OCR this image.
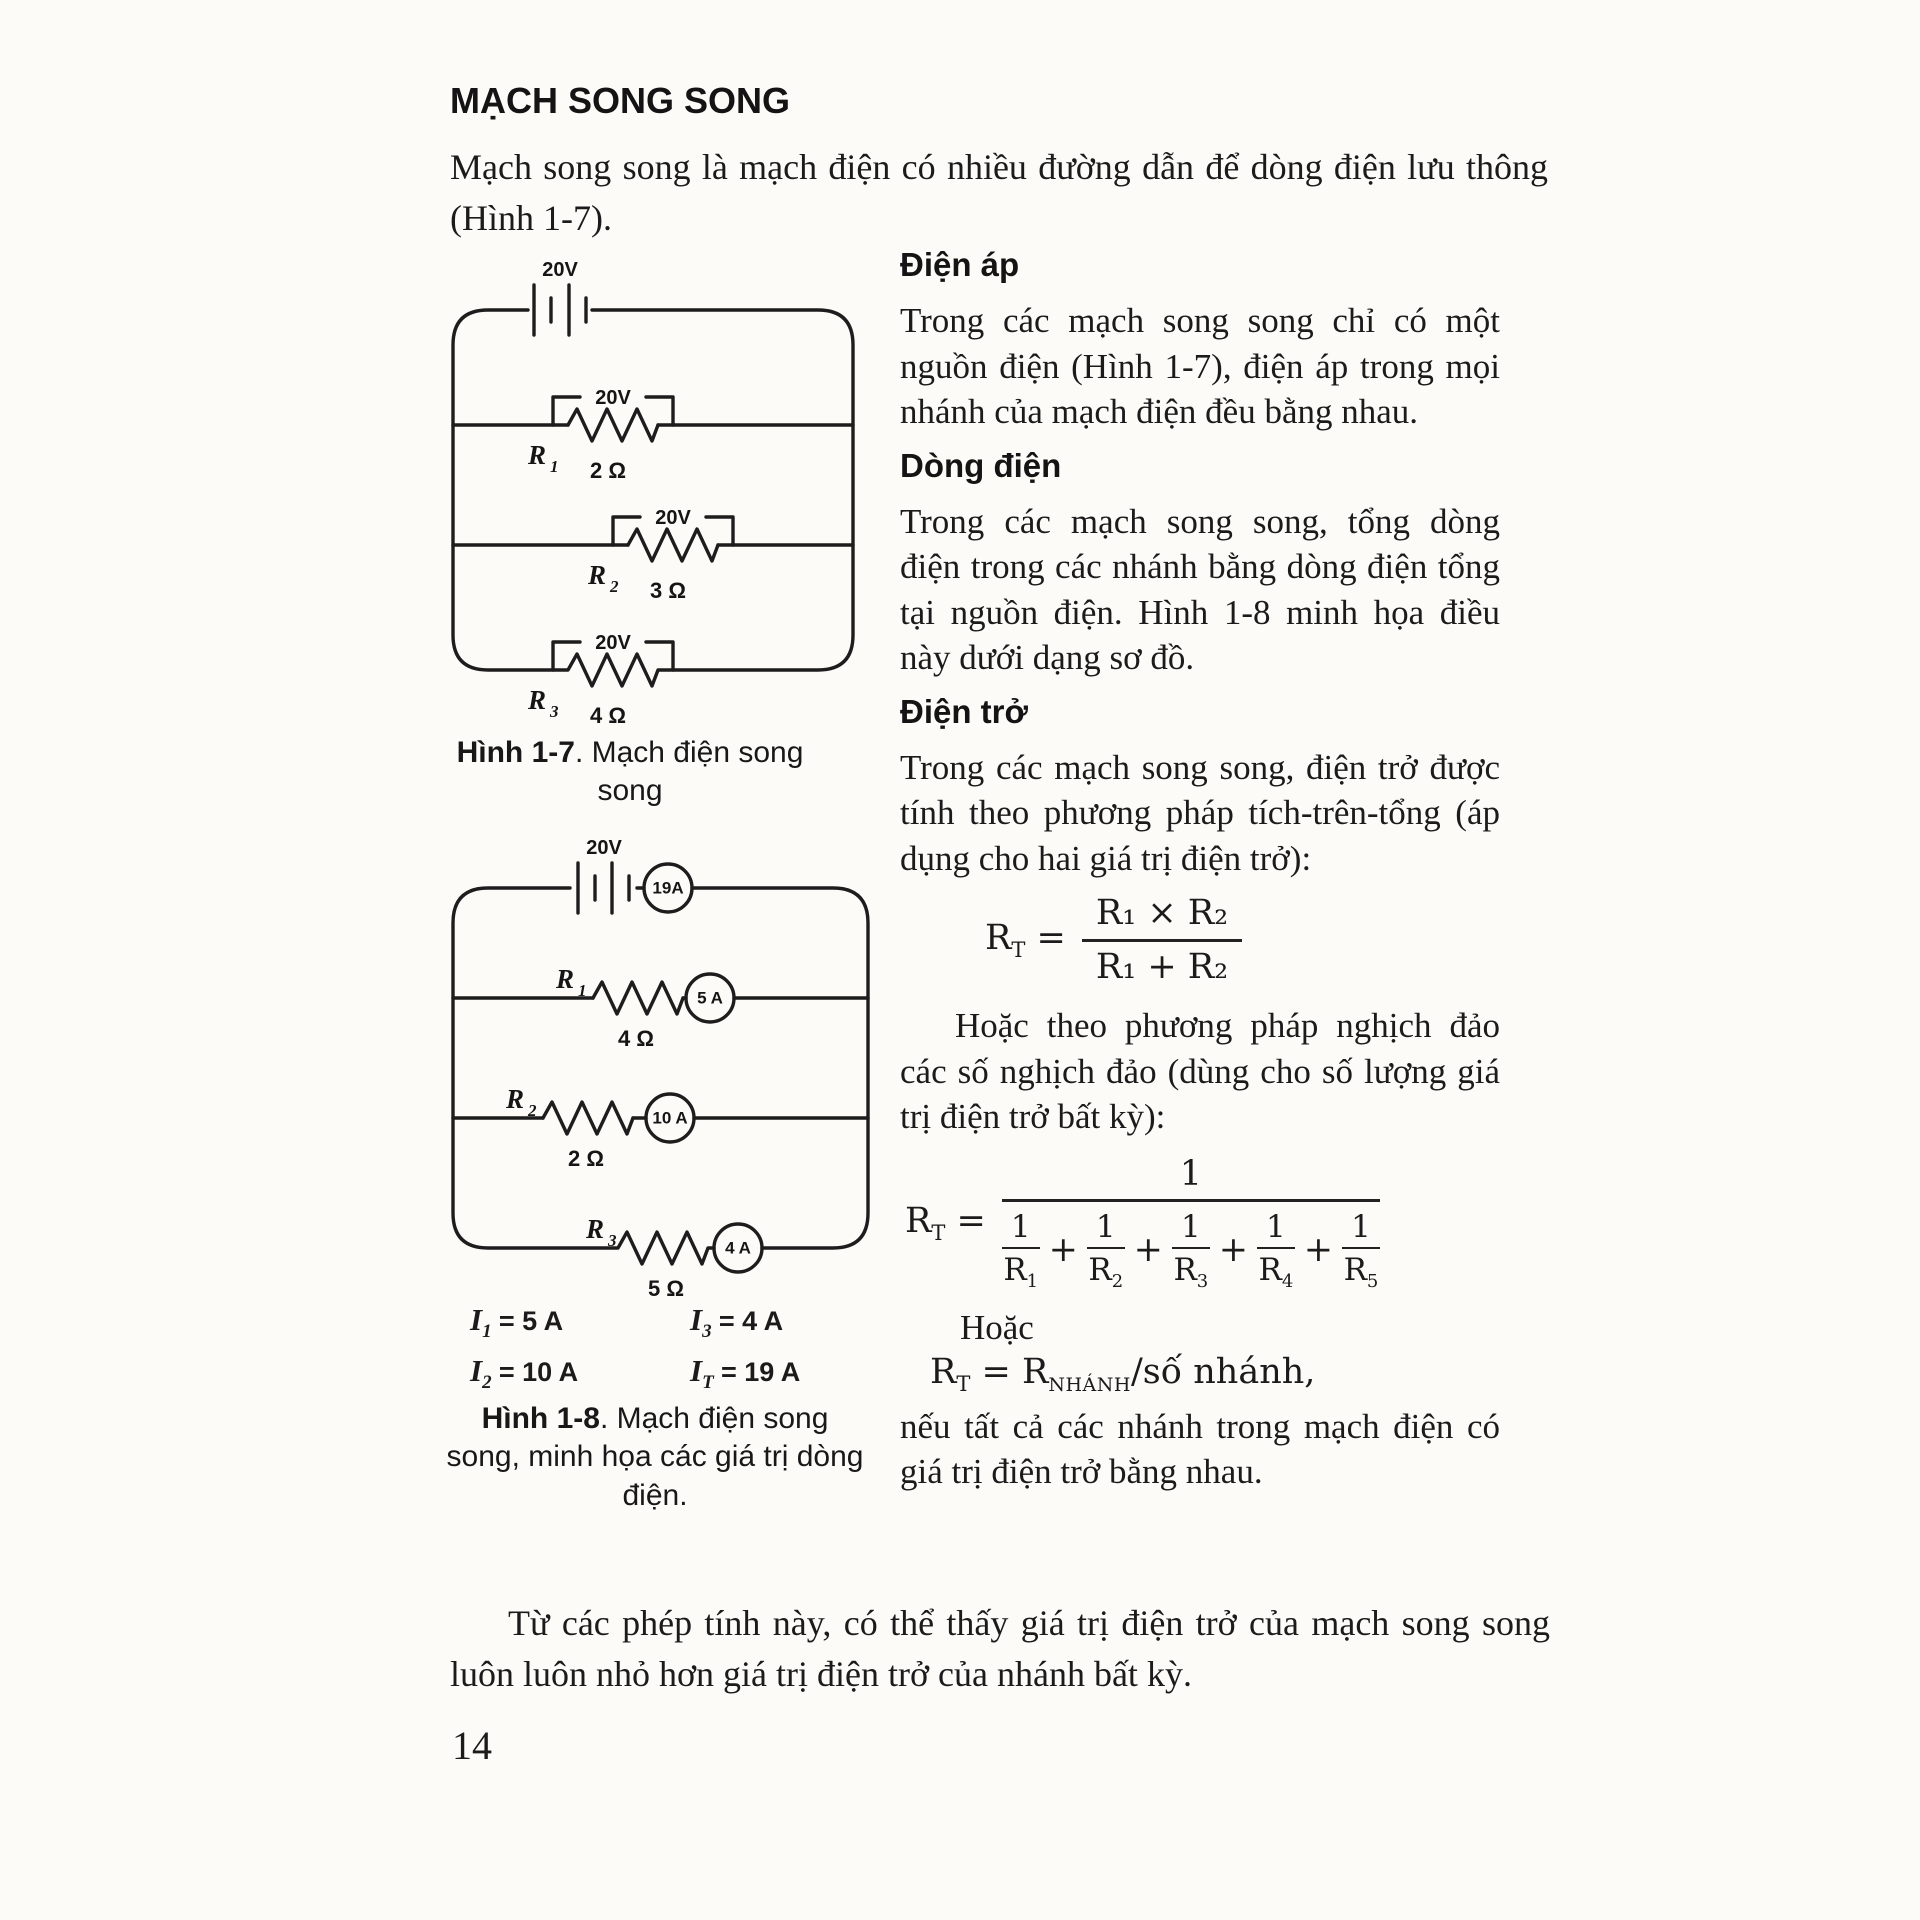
MẠCH SONG SONG
Mạch song song là mạch điện có nhiều đường dẫn để dòng điện lưu thông (Hình 1-7).
20V
20V
R 1 2 Ω
20V
R 2 3 Ω
20V
R 3 4 Ω
Hình 1-7. Mạch điện song song
20V
19A
5 A
R 1
4 Ω
10 A
R 2
2 Ω
4 A
R 3
5 Ω
$I_1 = 5$ A	$I_3 = 4$ A
$I_2 = 10$ A	$I_T = 19$ A
Hình 1-8. Mạch điện song song, minh họa các giá trị dòng điện.
Điện áp

Trong các mạch song song chỉ có một nguồn điện (Hình 1-7), điện áp trong mọi nhánh của mạch điện đều bằng nhau.

Dòng điện

Trong các mạch song song, tổng dòng điện trong các nhánh bằng dòng điện tổng tại nguồn điện. Hình 1-8 minh họa điều này dưới dạng sơ đồ.

Điện trở

Trong các mạch song song, điện trở được tính theo phương pháp tích-trên-tổng (áp dụng cho hai giá trị điện trở):

$R_T = \frac{\text{R₁ × R₂}}{\text{R₁ + R₂}}$

Hoặc theo phương pháp nghịch đảo các số nghịch đảo (dùng cho số lượng giá trị điện trở bất kỳ):

$R_T$ =
1
1
$R_1$
+ $\frac{1}{R_2} + \frac{1}{R_3} + \frac{1}{R_4} + \frac{1}{R_5}$
Hoặc
$R_T$ = $R_{NHÁNH}/số$ nhánh,

nếu tất cả các nhánh trong mạch điện có giá trị điện trở bằng nhau.

Từ các phép tính này, có thể thấy giá trị điện trở của mạch song song luôn luôn nhỏ hơn giá trị điện trở của nhánh bất kỳ.
14
